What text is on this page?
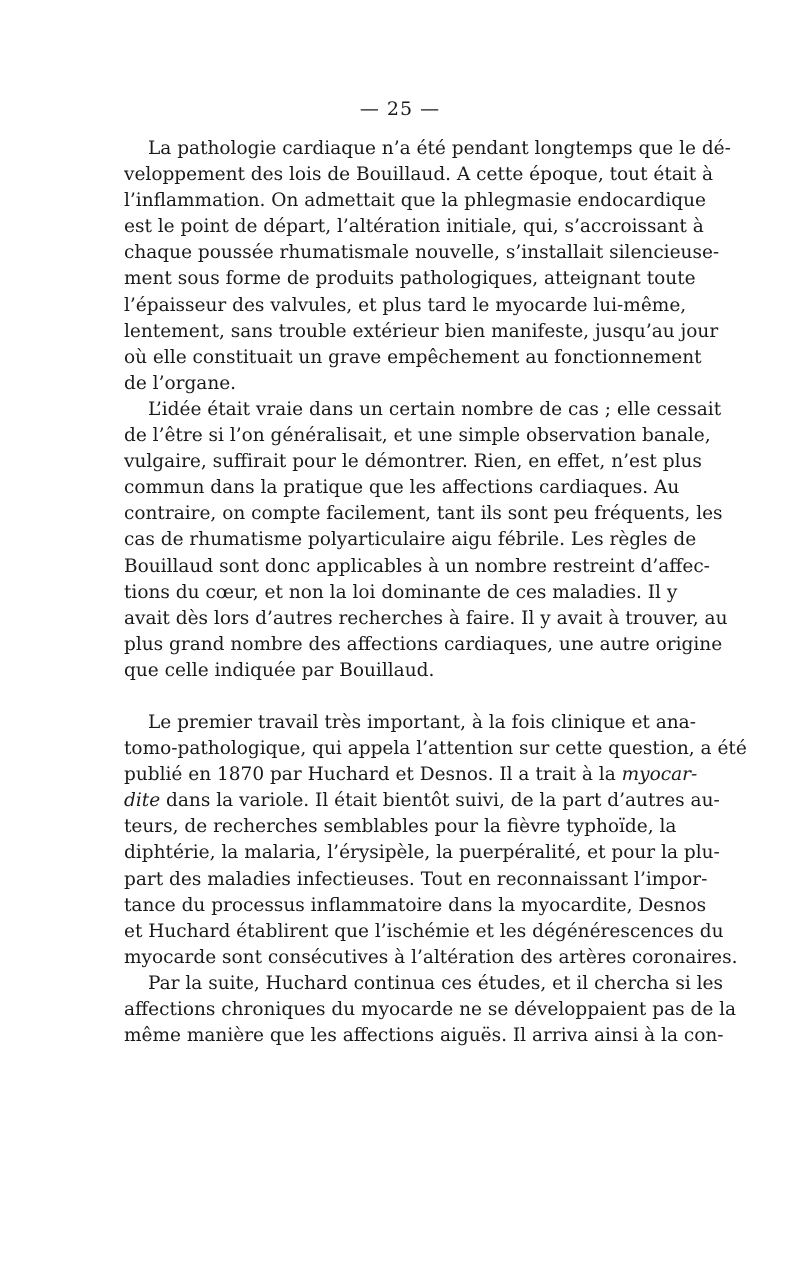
— 25 —
La pathologie cardiaque n’a été pendant longtemps que le dé-
veloppement des lois de Bouillaud. A cette époque, tout était à
l’inflammation. On admettait que la phlegmasie endocardique
est le point de départ, l’altération initiale, qui, s’accroissant à
chaque poussée rhumatismale nouvelle, s’installait silencieuse-
ment sous forme de produits pathologiques, atteignant toute
l’épaisseur des valvules, et plus tard le myocarde lui-même,
lentement, sans trouble extérieur bien manifeste, jusqu’au jour
où elle constituait un grave empêchement au fonctionnement
de l’organe.
L’idée était vraie dans un certain nombre de cas ; elle cessait
de l’être si l’on généralisait, et une simple observation banale,
vulgaire, suffirait pour le démontrer. Rien, en effet, n’est plus
commun dans la pratique que les affections cardiaques. Au
contraire, on compte facilement, tant ils sont peu fréquents, les
cas de rhumatisme polyarticulaire aigu fébrile. Les règles de
Bouillaud sont donc applicables à un nombre restreint d’affec-
tions du cœur, et non la loi dominante de ces maladies. Il y
avait dès lors d’autres recherches à faire. Il y avait à trouver, au
plus grand nombre des affections cardiaques, une autre origine
que celle indiquée par Bouillaud.
Le premier travail très important, à la fois clinique et ana-
tomo-pathologique, qui appela l’attention sur cette question, a été
publié en 1870 par Huchard et Desnos. Il a trait à la myocar-
dite dans la variole. Il était bientôt suivi, de la part d’autres au-
teurs, de recherches semblables pour la fièvre typhoïde, la
diphtérie, la malaria, l’érysipèle, la puerpéralité, et pour la plu-
part des maladies infectieuses. Tout en reconnaissant l’impor-
tance du processus inflammatoire dans la myocardite, Desnos
et Huchard établirent que l’ischémie et les dégénérescences du
myocarde sont consécutives à l’altération des artères coronaires.
Par la suite, Huchard continua ces études, et il chercha si les
affections chroniques du myocarde ne se développaient pas de la
même manière que les affections aiguës. Il arriva ainsi à la con-
